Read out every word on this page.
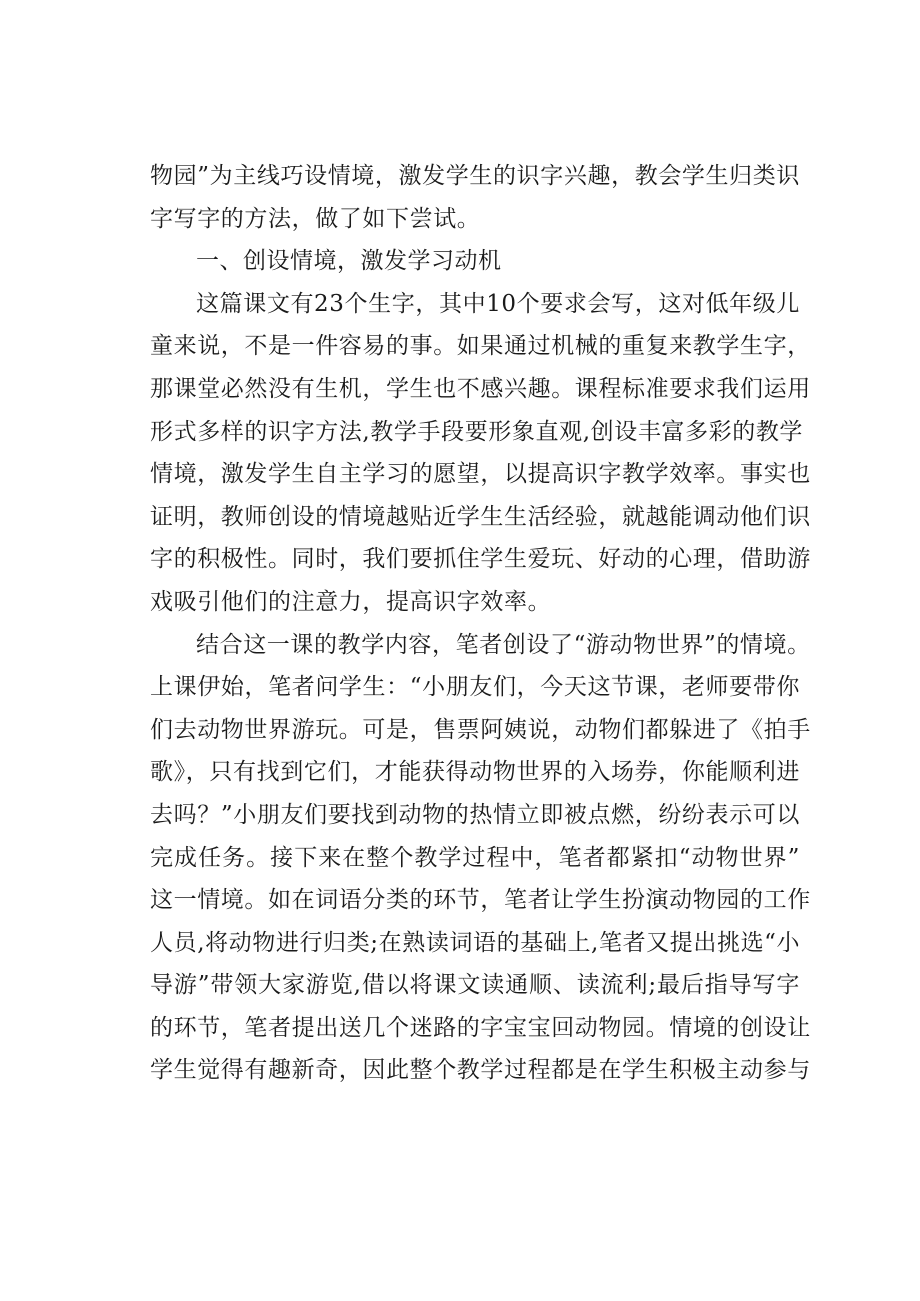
物园”为主线巧设情境，激发学生的识字兴趣，教会学生归类识
字写字的方法，做了如下尝试。
一、创设情境，激发学习动机
这篇课文有23个生字，其中10个要求会写，这对低年级儿
童来说，不是一件容易的事。如果通过机械的重复来教学生字，
那课堂必然没有生机，学生也不感兴趣。课程标准要求我们运用
形式多样的识字方法,教学手段要形象直观,创设丰富多彩的教学
情境，激发学生自主学习的愿望，以提高识字教学效率。事实也
证明，教师创设的情境越贴近学生生活经验，就越能调动他们识
字的积极性。同时，我们要抓住学生爱玩、好动的心理，借助游
戏吸引他们的注意力，提高识字效率。
结合这一课的教学内容，笔者创设了“游动物世界”的情境。
上课伊始，笔者问学生：“小朋友们，今天这节课，老师要带你
们去动物世界游玩。可是，售票阿姨说，动物们都躲进了《拍手
歌》，只有找到它们，才能获得动物世界的入场券，你能顺利进
去吗？”小朋友们要找到动物的热情立即被点燃，纷纷表示可以
完成任务。接下来在整个教学过程中，笔者都紧扣“动物世界”
这一情境。如在词语分类的环节，笔者让学生扮演动物园的工作
人员,将动物进行归类;在熟读词语的基础上,笔者又提出挑选“小
导游”带领大家游览,借以将课文读通顺、读流利;最后指导写字
的环节，笔者提出送几个迷路的字宝宝回动物园。情境的创设让
学生觉得有趣新奇，因此整个教学过程都是在学生积极主动参与
